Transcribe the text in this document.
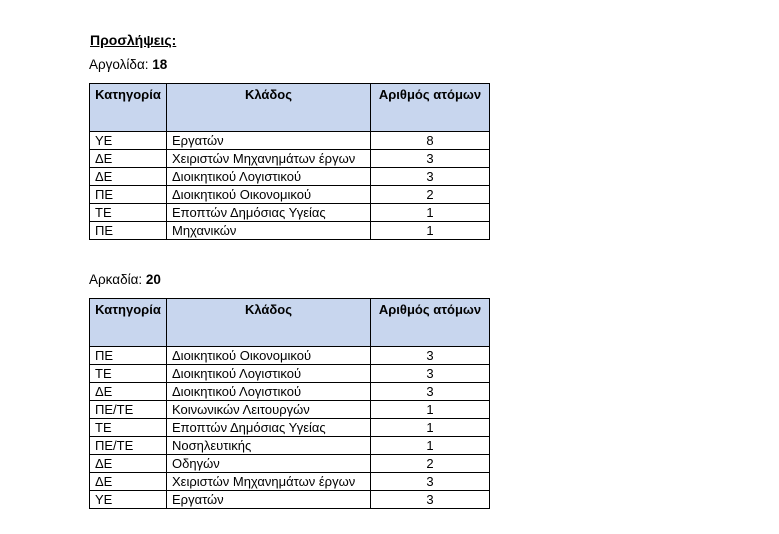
Προσλήψεις:
Αργολίδα: 18
Κατηγορία	Κλάδος	Αριθμός ατόμων
ΥΕ	Εργατών	8
ΔΕ	Χειριστών Μηχανημάτων έργων	3
ΔΕ	Διοικητικού Λογιστικού	3
ΠΕ	Διοικητικού Οικονομικού	2
ΤΕ	Εποπτών Δημόσιας Υγείας	1
ΠΕ	Μηχανικών	1
Αρκαδία: 20
Κατηγορία	Κλάδος	Αριθμός ατόμων
ΠΕ	Διοικητικού Οικονομικού	3
ΤΕ	Διοικητικού Λογιστικού	3
ΔΕ	Διοικητικού Λογιστικού	3
ΠΕ/ΤΕ	Κοινωνικών Λειτουργών	1
ΤΕ	Εποπτών Δημόσιας Υγείας	1
ΠΕ/ΤΕ	Νοσηλευτικής	1
ΔΕ	Οδηγών	2
ΔΕ	Χειριστών Μηχανημάτων έργων	3
ΥΕ	Εργατών	3
